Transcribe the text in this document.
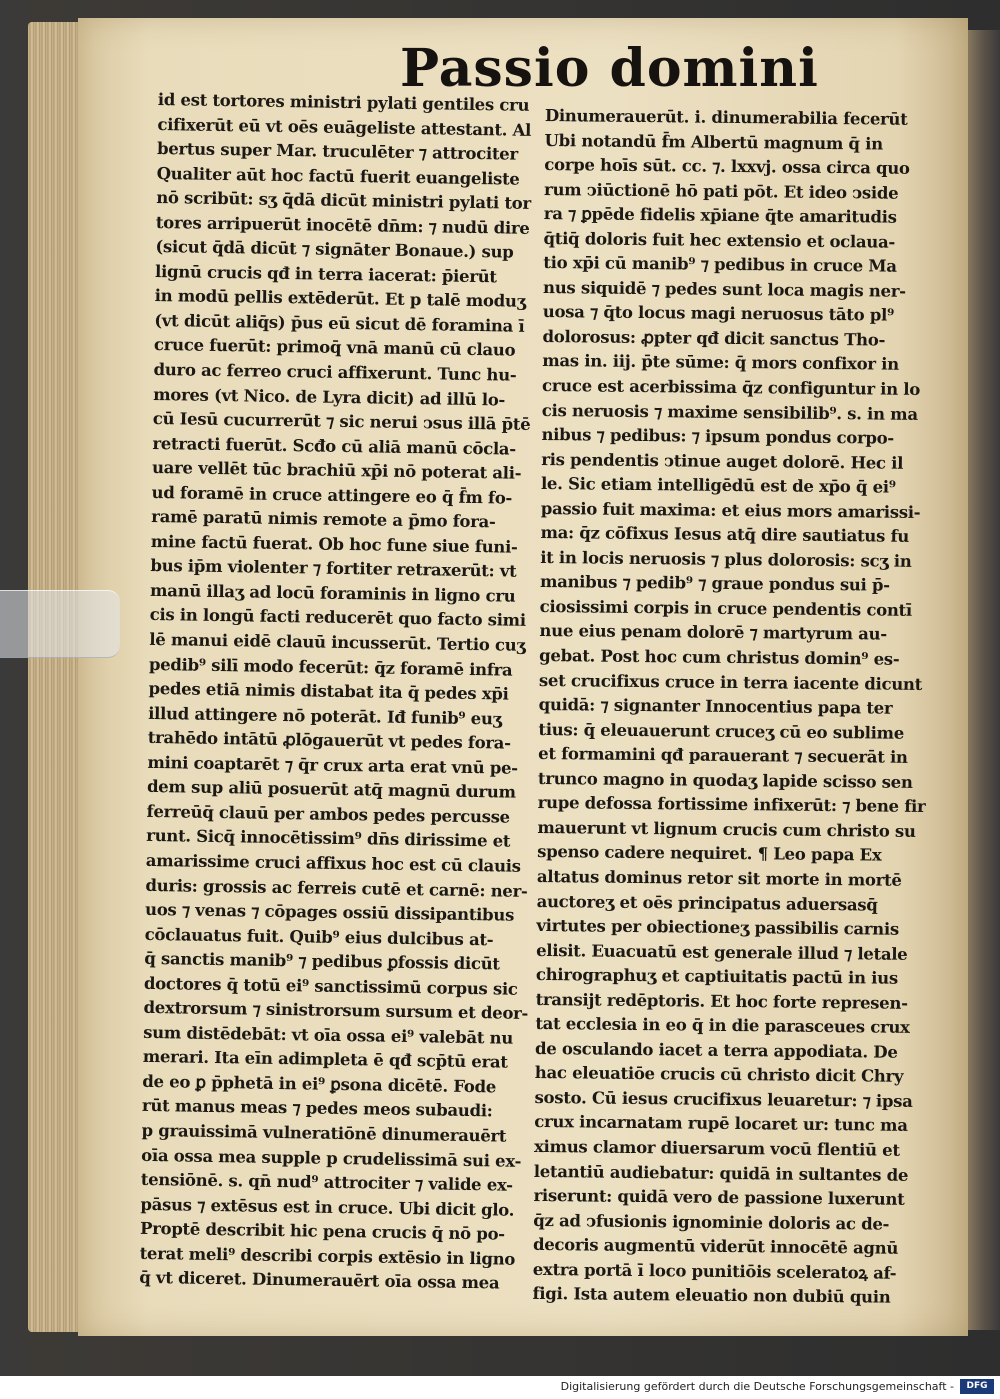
Passio domini
id est tortores ministri pylati gentiles cru
cifixerūt eū vt oēs euāgeliste attestant. Al
bertus super Mar. truculēter ⁊ attrociter
Qualiter aūt hoc factū fuerit euangeliste
nō scribūt: sʒ q̄dā dicūt ministri pylati tor
tores arripuerūt inocētē dn̄m: ⁊ nudū dire
(sicut q̄dā dicūt ⁊ signāter Bonaue.) sup
lignū crucis qđ in terra iacerat: p̄ierūt
in modū pellis extēderūt. Et p talē moduʒ
(vt dicūt aliq̄s) p̄us eū sicut dē foramina ī
cruce fuerūt: primoq̄ vnā manū cū clauo
duro ac ferreo cruci affixerunt. Tunc hu-
mores (vt Nico. de Lyra dicit) ad illū lo-
cū Iesū cucurrerūt ⁊ sic nerui ↄsus illā p̄tē
retracti fuerūt. Scđo cū aliā manū cōcla-
uare vellēt tūc brachiū xp̄i nō poterat ali-
ud foramē in cruce attingere eo q̄ f̄m fo-
ramē paratū nimis remote a p̄mo fora-
mine factū fuerat. Ob hoc fune siue funi-
bus ip̄m violenter ⁊ fortiter retraxerūt: vt
manū illaʒ ad locū foraminis in ligno cru
cis in longū facti reducerēt quo facto simi
lē manui eidē clauū incusserūt. Tertio cuʒ
pedib⁹ silī modo fecerūt: q̄z foramē infra
pedes etiā nimis distabat ita q̄ pedes xp̄i
illud attingere nō poterāt. Iđ funib⁹ euʒ
trahēdo intātū ꝓlōgauerūt vt pedes fora-
mini coaptarēt ⁊ q̄r crux arta erat vnū pe-
dem sup aliū posuerūt atq̄ magnū durum
ferreūq̄ clauū per ambos pedes percusse
runt. Sicq̄ innocētissim⁹ dn̄s dirissime et
amarissime cruci affixus hoc est cū clauis
duris: grossis ac ferreis cutē et carnē: ner-
uos ⁊ venas ⁊ cōpages ossiū dissipantibus
cōclauatus fuit. Quib⁹ eius dulcibus at-
q̄ sanctis manib⁹ ⁊ pedibus ꝑfossis dicūt
doctores q̄ totū ei⁹ sanctissimū corpus sic
dextrorsum ⁊ sinistrorsum sursum et deor-
sum distēdebāt: vt oīa ossa ei⁹ valebāt nu
merari. Ita eīn adimpleta ē qđ scp̄tū erat
de eo ꝑ p̄phetā in ei⁹ ꝑsona dicētē. Fode
rūt manus meas ⁊ pedes meos subaudi:
p grauissimā vulneratiōnē dinumerauērt
oīa ossa mea supple p crudelissimā sui ex-
tensiōnē. s. qn̄ nud⁹ attrociter ⁊ valide ex-
pāsus ⁊ extēsus est in cruce. Ubi dicit glo.
Proptē describit hic pena crucis q̄ nō po-
terat meli⁹ describi corpis extēsio in ligno
q̄ vt diceret. Dinumerauērt oīa ossa mea
Dinumerauerūt. i. dinumerabilia fecerūt
Ubi notandū f̄m Albertū magnum q̄ in
corpe hoīs sūt. cc. ⁊. lxxvj. ossa circa quo
rum ↄiūctionē hō pati pōt. Et ideo ↄside
ra ⁊ ꝑpēde fidelis xp̄iane q̄te amaritudis
q̄tiq̄ doloris fuit hec extensio et oclaua-
tio xp̄i cū manib⁹ ⁊ pedibus in cruce Ma
nus siquidē ⁊ pedes sunt loca magis ner-
uosa ⁊ q̄to locus magi neruosus tāto pl⁹
dolorosus: ꝓpter qđ dicit sanctus Tho-
mas in. iij. p̄te sūme: q̄ mors confixor in
cruce est acerbissima q̄z configuntur in lo
cis neruosis ⁊ maxime sensibilib⁹. s. in ma
nibus ⁊ pedibus: ⁊ ipsum pondus corpo-
ris pendentis ↄtinue auget dolorē. Hec il
le. Sic etiam intelligēdū est de xp̄o q̄ ei⁹
passio fuit maxima: et eius mors amarissi-
ma: q̄z cōfixus Iesus atq̄ dire sautiatus fu
it in locis neruosis ⁊ plus dolorosis: scʒ in
manibus ⁊ pedib⁹ ⁊ graue pondus sui p̄-
ciosissimi corpis in cruce pendentis contī
nue eius penam dolorē ⁊ martyrum au-
gebat. Post hoc cum christus domin⁹ es-
set crucifixus cruce in terra iacente dicunt
quidā: ⁊ signanter Innocentius papa ter
tius: q̄ eleuauerunt cruceʒ cū eo sublime
et formamini qđ parauerant ⁊ secuerāt in
trunco magno in quodaʒ lapide scisso sen
rupe defossa fortissime infixerūt: ⁊ bene fir
mauerunt vt lignum crucis cum christo su
spenso cadere nequiret. ¶ Leo papa Ex
altatus dominus retor sit morte in mortē
auctoreʒ et oēs principatus aduersasq̄
virtutes per obiectioneʒ passibilis carnis
elisit. Euacuatū est generale illud ⁊ letale
chirographuʒ et captiuitatis pactū in ius
transijt redēptoris. Et hoc forte represen-
tat ecclesia in eo q̄ in die parasceues crux
de osculando iacet a terra appodiata. De
hac eleuatiōe crucis cū christo dicit Chry
sosto. Cū iesus crucifixus leuaretur: ⁊ ipsa
crux incarnatam rupē locaret ur: tunc ma
ximus clamor diuersarum vocū flentiū et
letantiū audiebatur: quidā in sultantes de
riserunt: quidā vero de passione luxerunt
q̄z ad ↄfusionis ignominie doloris ac de-
decoris augmentū viderūt innocētē agnū
extra portā ī loco punitiōis sceleratoꝝ af-
figi. Ista autem eleuatio non dubiū quin
Digitalisierung gefördert durch die Deutsche Forschungsgemeinschaft -	DFG
